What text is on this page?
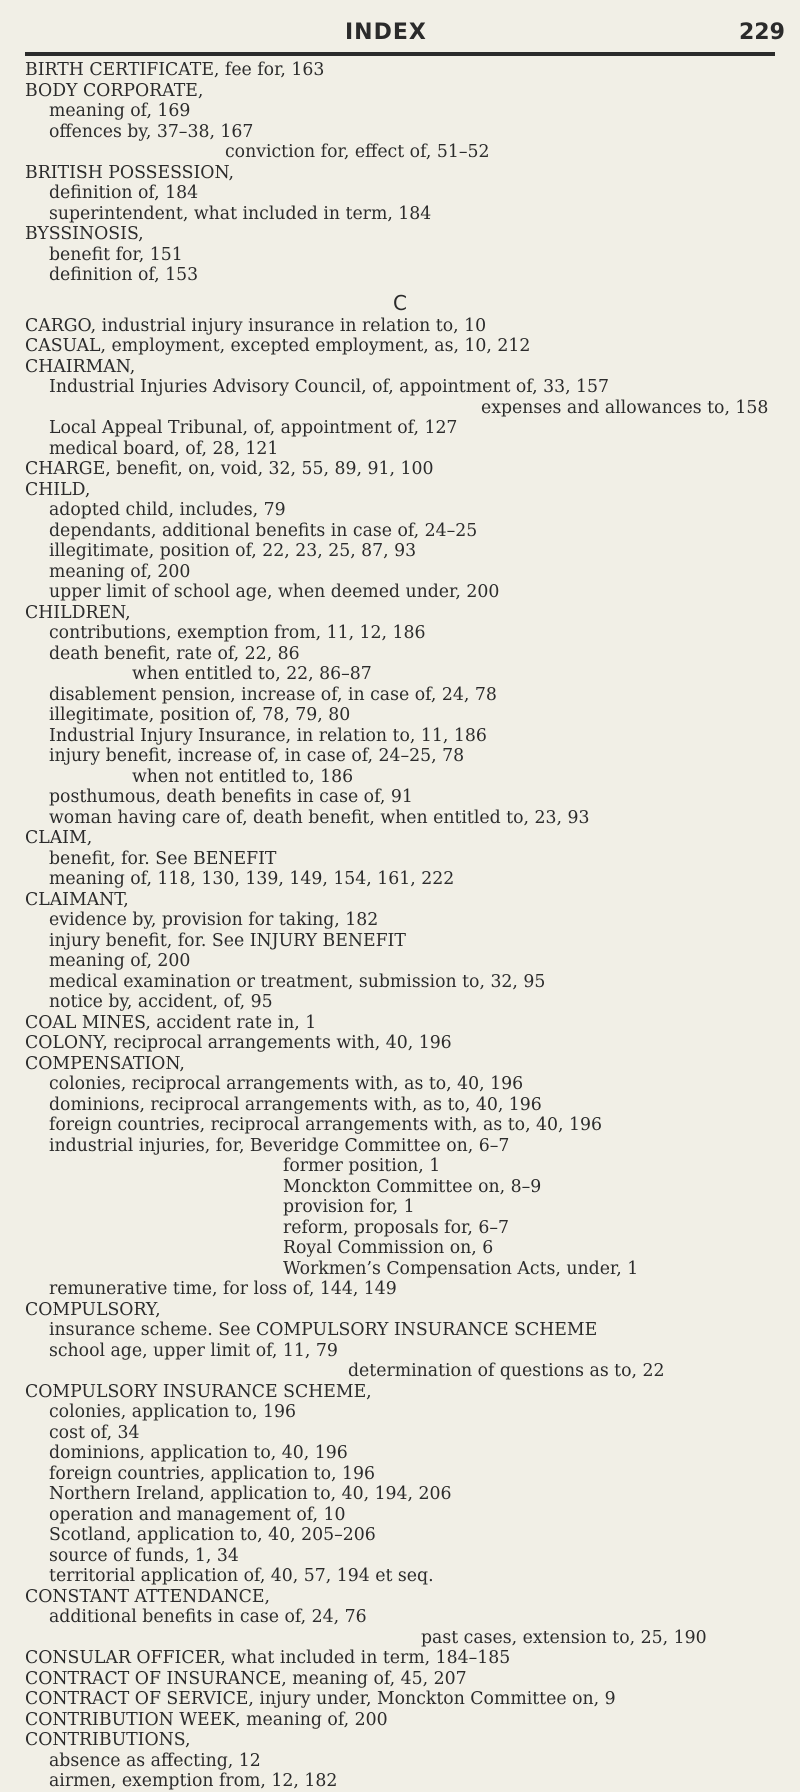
INDEX	229
BIRTH CERTIFICATE, fee for, 163
BODY CORPORATE,
meaning of, 169
offences by, 37–38, 167
conviction for, effect of, 51–52
BRITISH POSSESSION,
definition of, 184
superintendent, what included in term, 184
BYSSINOSIS,
benefit for, 151
definition of, 153
C
CARGO, industrial injury insurance in relation to, 10
CASUAL, employment, excepted employment, as, 10, 212
CHAIRMAN,
Industrial Injuries Advisory Council, of, appointment of, 33, 157
expenses and allowances to, 158
Local Appeal Tribunal, of, appointment of, 127
medical board, of, 28, 121
CHARGE, benefit, on, void, 32, 55, 89, 91, 100
CHILD,
adopted child, includes, 79
dependants, additional benefits in case of, 24–25
illegitimate, position of, 22, 23, 25, 87, 93
meaning of, 200
upper limit of school age, when deemed under, 200
CHILDREN,
contributions, exemption from, 11, 12, 186
death benefit, rate of, 22, 86
when entitled to, 22, 86–87
disablement pension, increase of, in case of, 24, 78
illegitimate, position of, 78, 79, 80
Industrial Injury Insurance, in relation to, 11, 186
injury benefit, increase of, in case of, 24–25, 78
when not entitled to, 186
posthumous, death benefits in case of, 91
woman having care of, death benefit, when entitled to, 23, 93
CLAIM,
benefit, for. See BENEFIT
meaning of, 118, 130, 139, 149, 154, 161, 222
CLAIMANT,
evidence by, provision for taking, 182
injury benefit, for. See INJURY BENEFIT
meaning of, 200
medical examination or treatment, submission to, 32, 95
notice by, accident, of, 95
COAL MINES, accident rate in, 1
COLONY, reciprocal arrangements with, 40, 196
COMPENSATION,
colonies, reciprocal arrangements with, as to, 40, 196
dominions, reciprocal arrangements with, as to, 40, 196
foreign countries, reciprocal arrangements with, as to, 40, 196
industrial injuries, for, Beveridge Committee on, 6–7
former position, 1
Monckton Committee on, 8–9
provision for, 1
reform, proposals for, 6–7
Royal Commission on, 6
Workmen’s Compensation Acts, under, 1
remunerative time, for loss of, 144, 149
COMPULSORY,
insurance scheme. See COMPULSORY INSURANCE SCHEME
school age, upper limit of, 11, 79
determination of questions as to, 22
COMPULSORY INSURANCE SCHEME,
colonies, application to, 196
cost of, 34
dominions, application to, 40, 196
foreign countries, application to, 196
Northern Ireland, application to, 40, 194, 206
operation and management of, 10
Scotland, application to, 40, 205–206
source of funds, 1, 34
territorial application of, 40, 57, 194 et seq.
CONSTANT ATTENDANCE,
additional benefits in case of, 24, 76
past cases, extension to, 25, 190
CONSULAR OFFICER, what included in term, 184–185
CONTRACT OF INSURANCE, meaning of, 45, 207
CONTRACT OF SERVICE, injury under, Monckton Committee on, 9
CONTRIBUTION WEEK, meaning of, 200
CONTRIBUTIONS,
absence as affecting, 12
airmen, exemption from, 12, 182
